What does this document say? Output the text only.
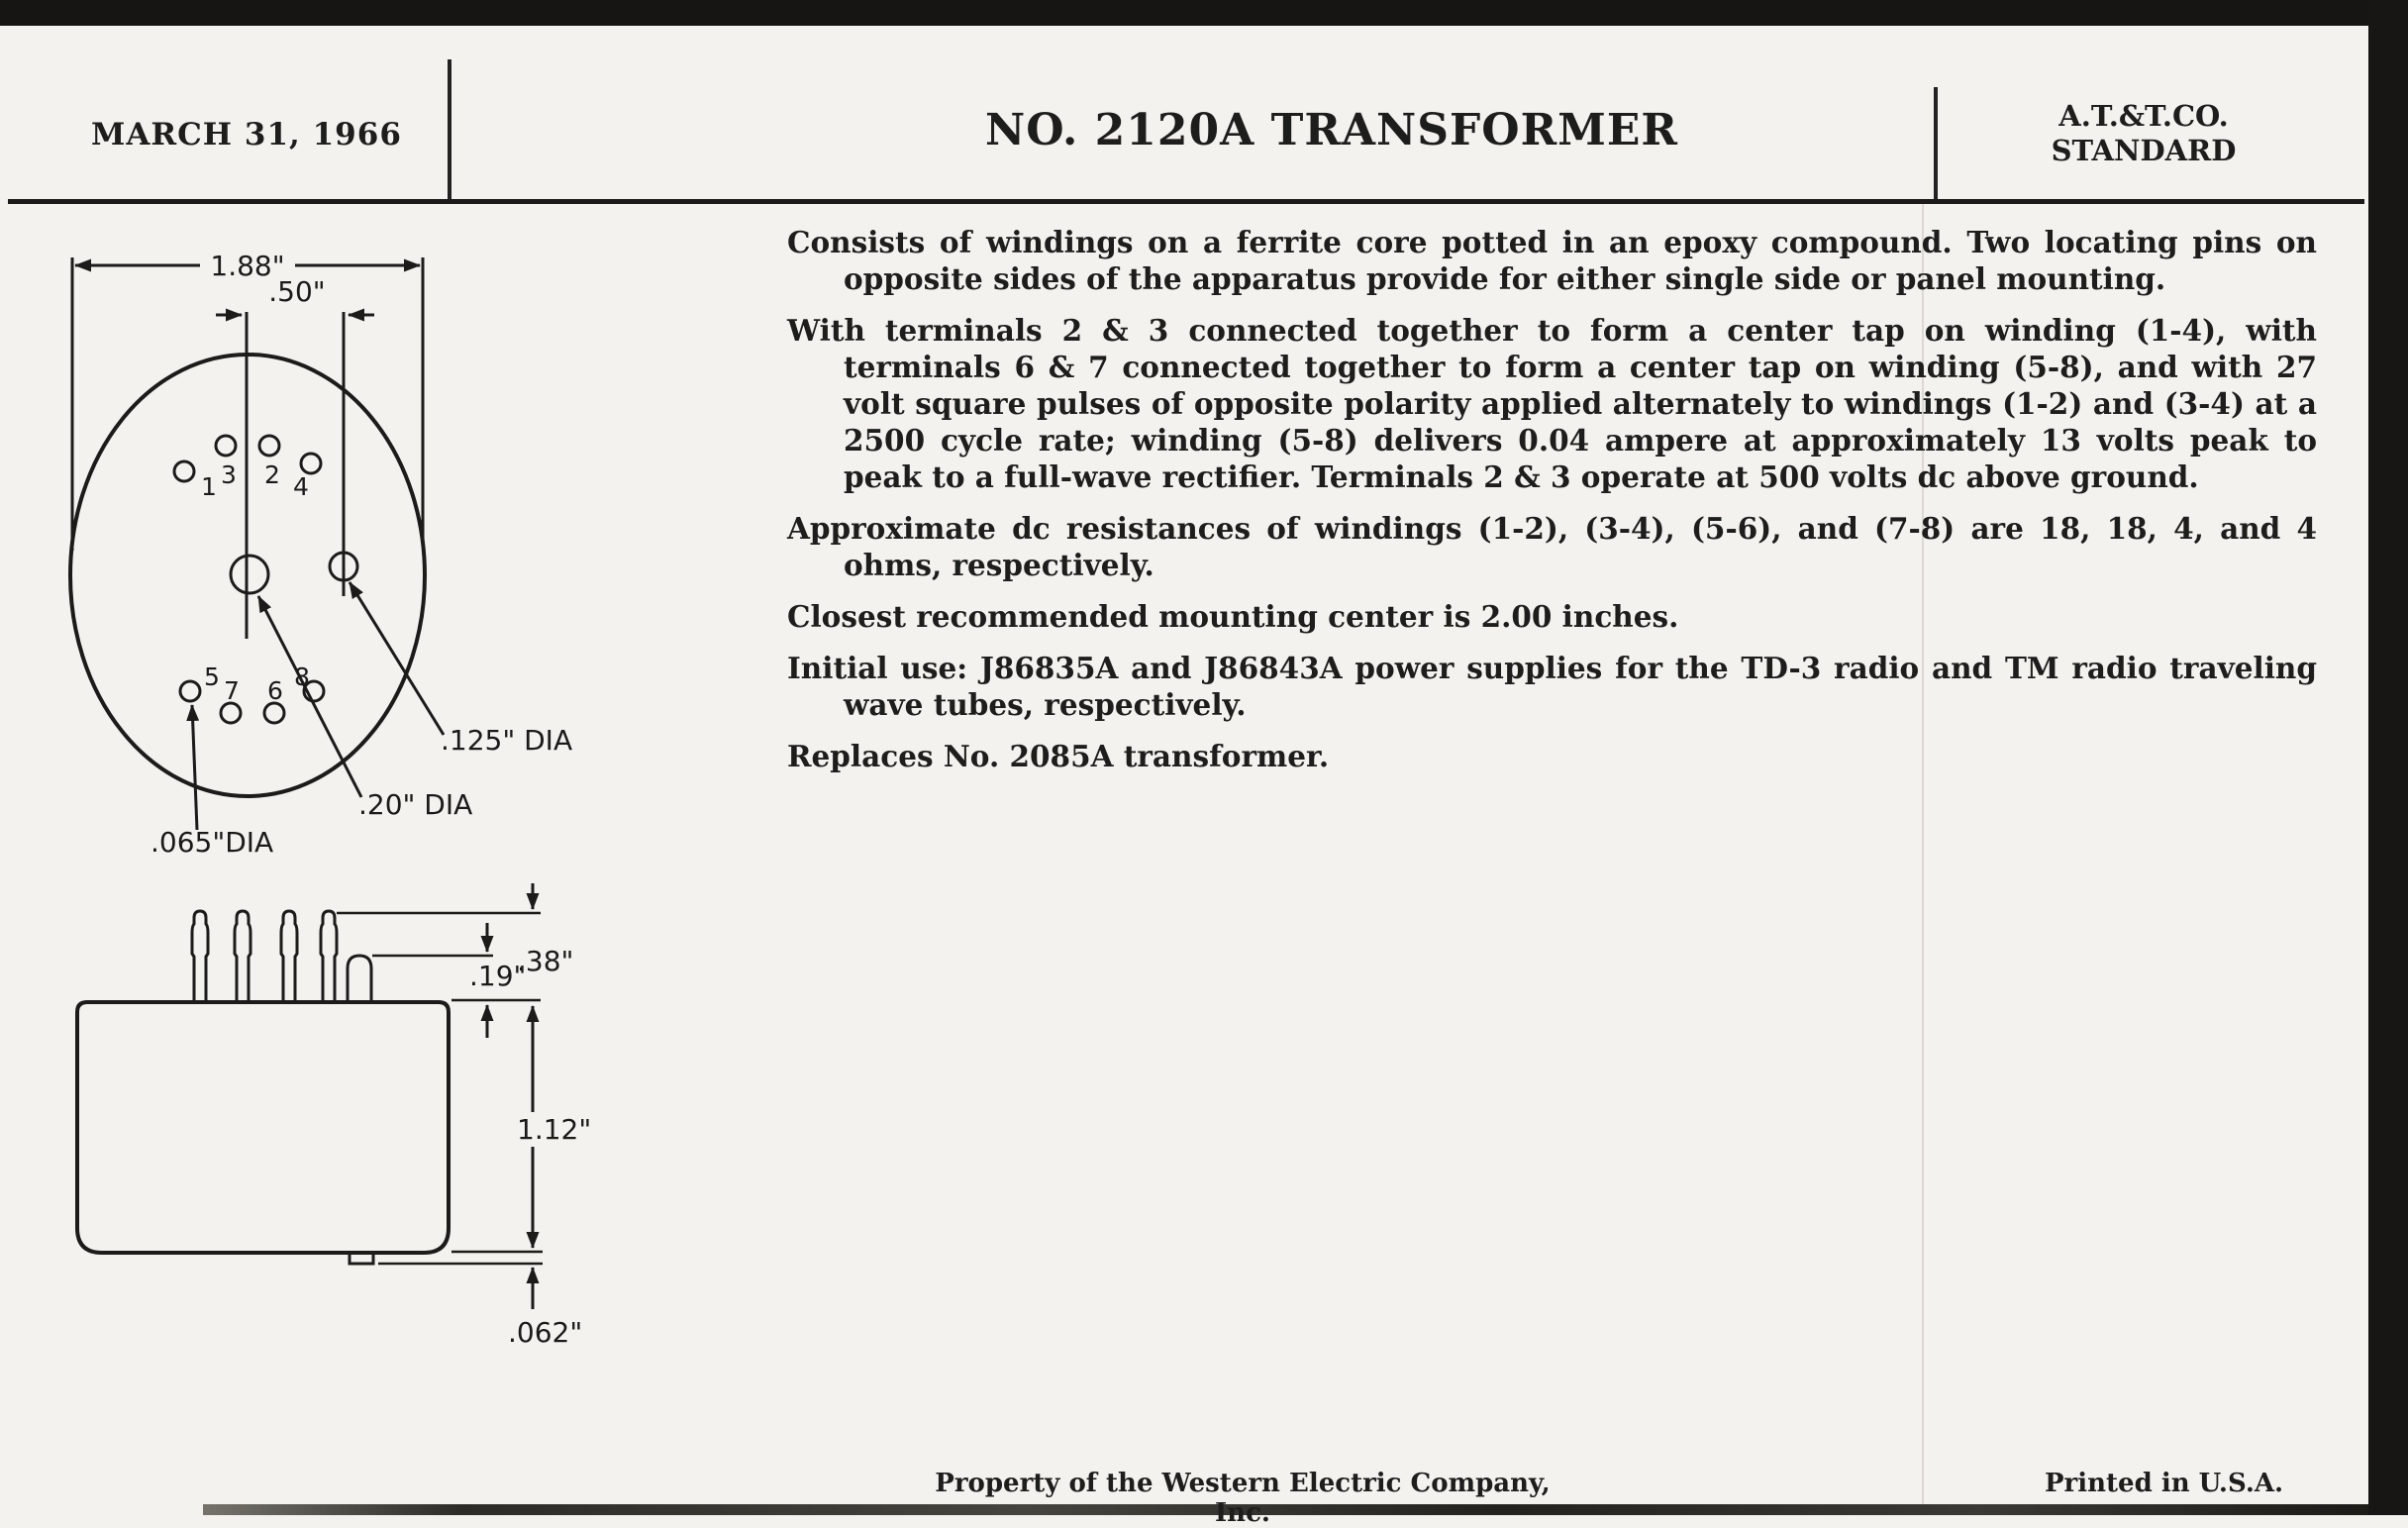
MARCH 31, 1966	NO. 2120A TRANSFORMER	A.T.&T.CO.
STANDARD

Consists of windings on a ferrite core potted in an epoxy compound. Two locating pins on opposite sides of the apparatus provide for either single side or panel mounting.

With terminals 2 & 3 connected together to form a center tap on winding (1-4), with terminals 6 & 7 connected together to form a center tap on winding (5-8), and with 27 volt square pulses of opposite polarity applied alternately to windings (1-2) and (3-4) at a 2500 cycle rate; winding (5-8) delivers 0.04 ampere at approximately 13 volts peak to peak to a full-wave rectifier. Terminals 2 & 3 operate at 500 volts dc above ground.

Approximate dc resistances of windings (1-2), (3-4), (5-6), and (7-8) are 18, 18, 4, and 4 ohms, respectively.

Closest recommended mounting center is 2.00 inches.

Initial use: J86835A and J86843A power supplies for the TD-3 radio and TM radio traveling wave tubes, respectively.

Replaces No. 2085A transformer.

1.88"
.50"
1 3 2 4
5 7 6 8
.20" DIA
.125" DIA
.065"DIA
.38"
.19"
1.12"
.062"
Property of the Western Electric Company, Inc.
Printed in U.S.A.
